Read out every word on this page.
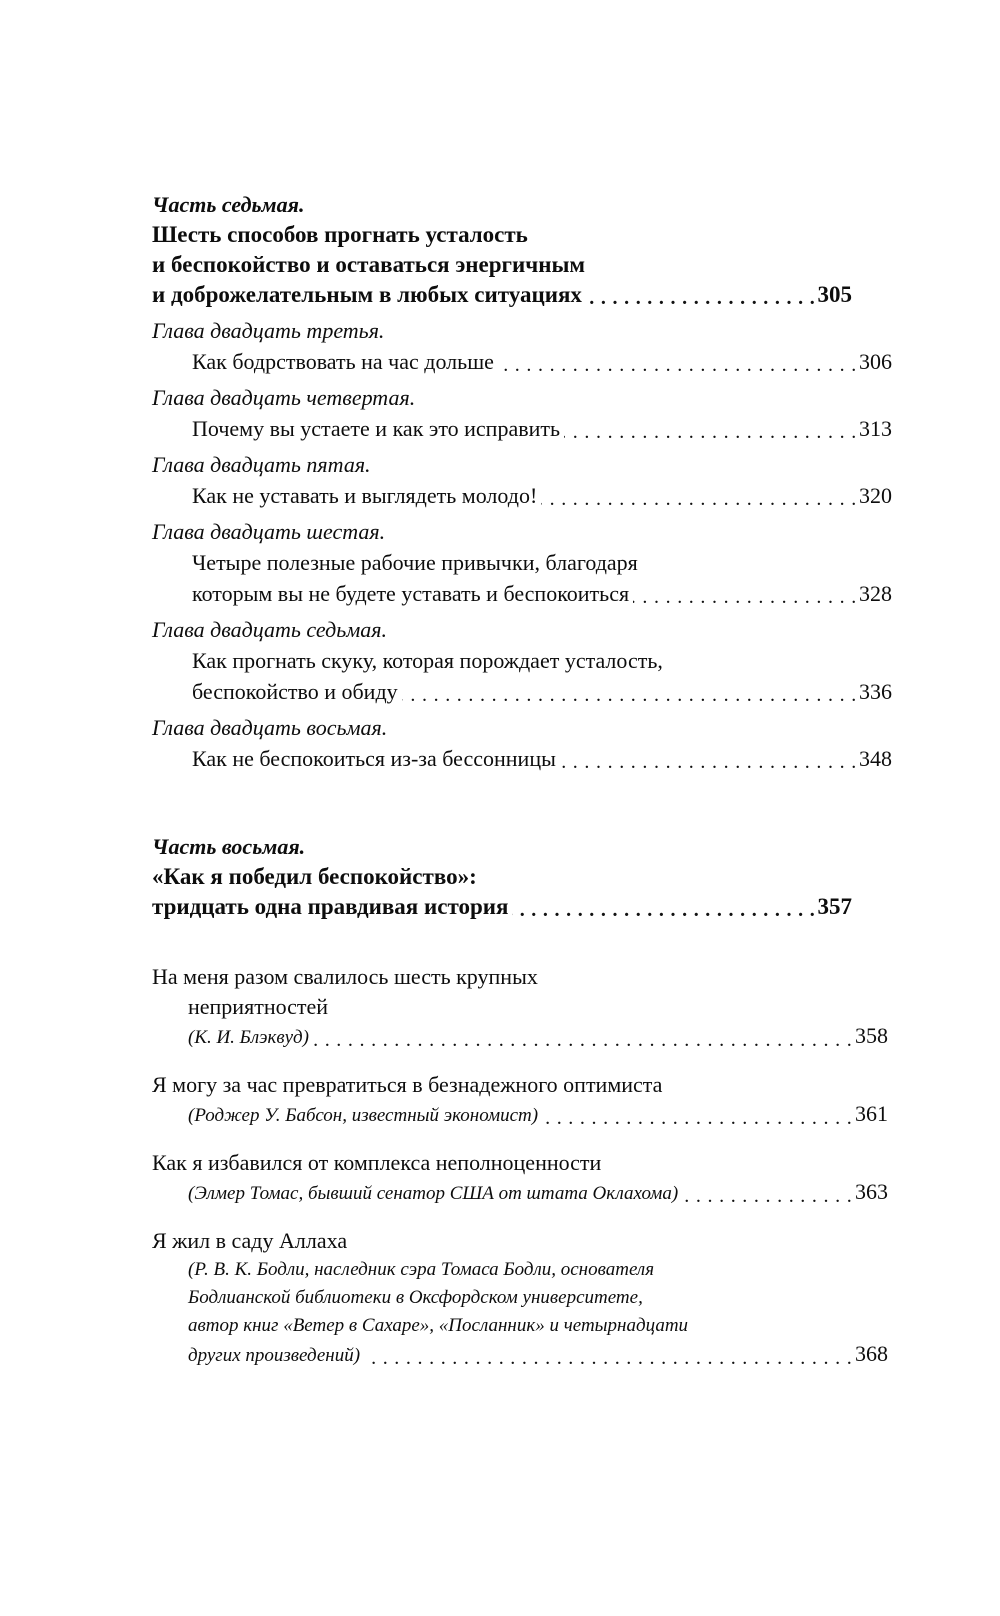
Часть седьмая.
Шесть способов прогнать усталость
и беспокойство и оставаться энергичным
и доброжелательным в любых ситуациях . . .	305
Глава двадцать третья.
Как бодрствовать на час дольше . . .	306
Глава двадцать четвертая.
Почему вы устаете и как это исправить . . .	313
Глава двадцать пятая.
Как не уставать и выглядеть молодо! . . .	320
Глава двадцать шестая.
Четыре полезные рабочие привычки, благодаря
которым вы не будете уставать и беспокоиться . . .	328
Глава двадцать седьмая.
Как прогнать скуку, которая порождает усталость,
беспокойство и обиду . . .	336
Глава двадцать восьмая.
Как не беспокоиться из-за бессонницы . . .	348
Часть восьмая.
«Как я победил беспокойство»:
тридцать одна правдивая история . . .	357
На меня разом свалилось шесть крупных
неприятностей
(К. И. Блэквуд) . . .	358
Я могу за час превратиться в безнадежного оптимиста
(Роджер У. Бабсон, известный экономист) . . .	361
Как я избавился от комплекса неполноценности
(Элмер Томас, бывший сенатор США от штата Оклахома) . . .	363
Я жил в саду Аллаха
(Р. В. К. Бодли, наследник сэра Томаса Бодли, основателя
Бодлианской библиотеки в Оксфордском университете,
автор книг «Ветер в Сахаре», «Посланник» и четырнадцати
других произведений) . . .	368
